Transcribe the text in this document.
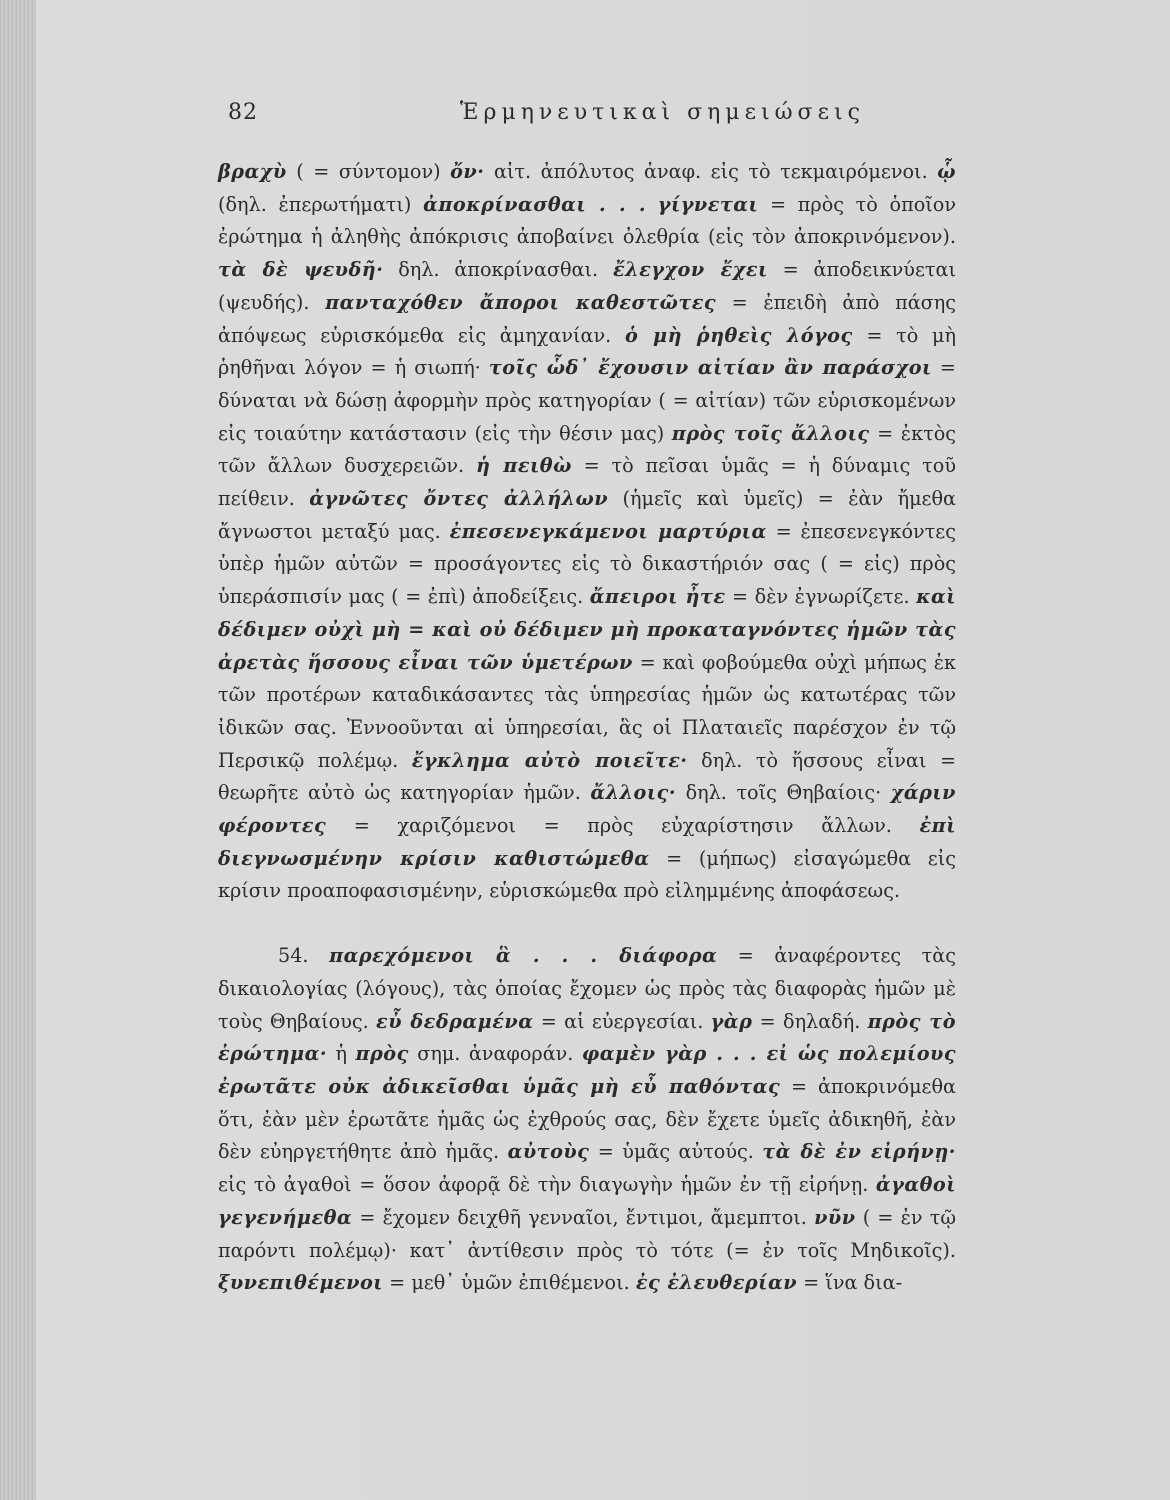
82	Ἑρμηνευτικαὶ σημειώσεις

βραχὺ ( = σύντομον) ὄν· αἰτ. ἀπόλυτος ἀναφ. εἰς τὸ τεκμαιρόμενοι. ᾧ (δηλ. ἐπερωτήματι) ἀποκρίνασθαι . . . γίγνεται = πρὸς τὸ ὁποῖον ἐρώτημα ἡ ἀληθὴς ἀπόκρισις ἀποβαίνει ὀλεθρία (εἰς τὸν ἀποκρινόμενον). τὰ δὲ ψευδῆ· δηλ. ἀποκρίνασθαι. ἔλεγχον ἔχει = ἀποδεικνύεται (ψευδής). πανταχόθεν ἄποροι καθεστῶτες = ἐπειδὴ ἀπὸ πάσης ἀπόψεως εὑρισκόμεθα εἰς ἀμηχανίαν. ὁ μὴ ῥηθεὶς λόγος = τὸ μὴ ῥηθῆναι λόγον = ἡ σιωπή· τοῖς ὧδ᾽ ἔχουσιν αἰτίαν ἂν παράσχοι = δύναται νὰ δώσῃ ἀφορμὴν πρὸς κατηγορίαν ( = αἰτίαν) τῶν εὑρισκομένων εἰς τοιαύτην κατάστασιν (εἰς τὴν θέσιν μας) πρὸς τοῖς ἄλλοις = ἐκτὸς τῶν ἄλλων δυσχερειῶν. ἡ πειθὼ = τὸ πεῖσαι ὑμᾶς = ἡ δύναμις τοῦ πείθειν. ἀγνῶτες ὄντες ἀλλήλων (ἡμεῖς καὶ ὑμεῖς) = ἐὰν ἤμεθα ἄγνωστοι μεταξύ μας. ἐπεσενεγκάμενοι μαρτύρια = ἐπεσενεγκόντες ὑπὲρ ἡμῶν αὐτῶν = προσάγοντες εἰς τὸ δικαστήριόν σας ( = εἰς) πρὸς ὑπεράσπισίν μας ( = ἐπὶ) ἀποδείξεις. ἄπειροι ἦτε = δὲν ἐγνωρίζετε. καὶ δέδιμεν οὐχὶ μὴ = καὶ οὐ δέδιμεν μὴ προκαταγνόντες ἡμῶν τὰς ἀρετὰς ἥσσους εἶναι τῶν ὑμετέρων = καὶ φοβούμεθα οὐχὶ μήπως ἐκ τῶν προτέρων καταδικάσαντες τὰς ὑπηρεσίας ἡμῶν ὡς κατωτέρας τῶν ἰδικῶν σας. Ἐννοοῦνται αἱ ὑπηρεσίαι, ἃς οἱ Πλαταιεῖς παρέσχον ἐν τῷ Περσικῷ πολέμῳ. ἔγκλημα αὐτὸ ποιεῖτε· δηλ. τὸ ἥσσους εἶναι = θεωρῆτε αὐτὸ ὡς κατηγορίαν ἡμῶν. ἄλλοις· δηλ. τοῖς Θηβαίοις· χάριν φέροντες = χαριζόμενοι = πρὸς εὐχαρίστησιν ἄλλων. ἐπὶ διεγνωσμένην κρίσιν καθιστώμεθα = (μήπως) εἰσαγώμεθα εἰς κρίσιν προαποφασισμένην, εὑρισκώμεθα πρὸ εἰλημμένης ἀποφάσεως.

54. παρεχόμενοι ἃ . . . διάφορα = ἀναφέροντες τὰς δικαιολογίας (λόγους), τὰς ὁποίας ἔχομεν ὡς πρὸς τὰς διαφορὰς ἡμῶν μὲ τοὺς Θηβαίους. εὖ δεδραμένα = αἱ εὐεργεσίαι. γὰρ = δηλαδή. πρὸς τὸ ἐρώτημα· ἡ πρὸς σημ. ἀναφοράν. φαμὲν γὰρ . . . εἰ ὡς πολεμίους ἐρωτᾶτε οὐκ ἀδικεῖσθαι ὑμᾶς μὴ εὖ παθόντας = ἀποκρινόμεθα ὅτι, ἐὰν μὲν ἐρωτᾶτε ἡμᾶς ὡς ἐχθρούς σας, δὲν ἔχετε ὑμεῖς ἀδικηθῆ, ἐὰν δὲν εὐηργετήθητε ἀπὸ ἡμᾶς. αὐτοὺς = ὑμᾶς αὐτούς. τὰ δὲ ἐν εἰρήνῃ· εἰς τὸ ἀγαθοὶ = ὅσον ἀφορᾷ δὲ τὴν διαγωγὴν ἡμῶν ἐν τῇ εἰρήνῃ. ἀγαθοὶ γεγενήμεθα = ἔχομεν δειχθῆ γενναῖοι, ἔντιμοι, ἄμεμπτοι. νῦν ( = ἐν τῷ παρόντι πολέμῳ)· κατ᾽ ἀντίθεσιν πρὸς τὸ τότε (= ἐν τοῖς Μηδικοῖς). ξυνεπιθέμενοι = μεθ᾽ ὑμῶν ἐπιθέμενοι. ἐς ἐλευθερίαν = ἵνα δια-
